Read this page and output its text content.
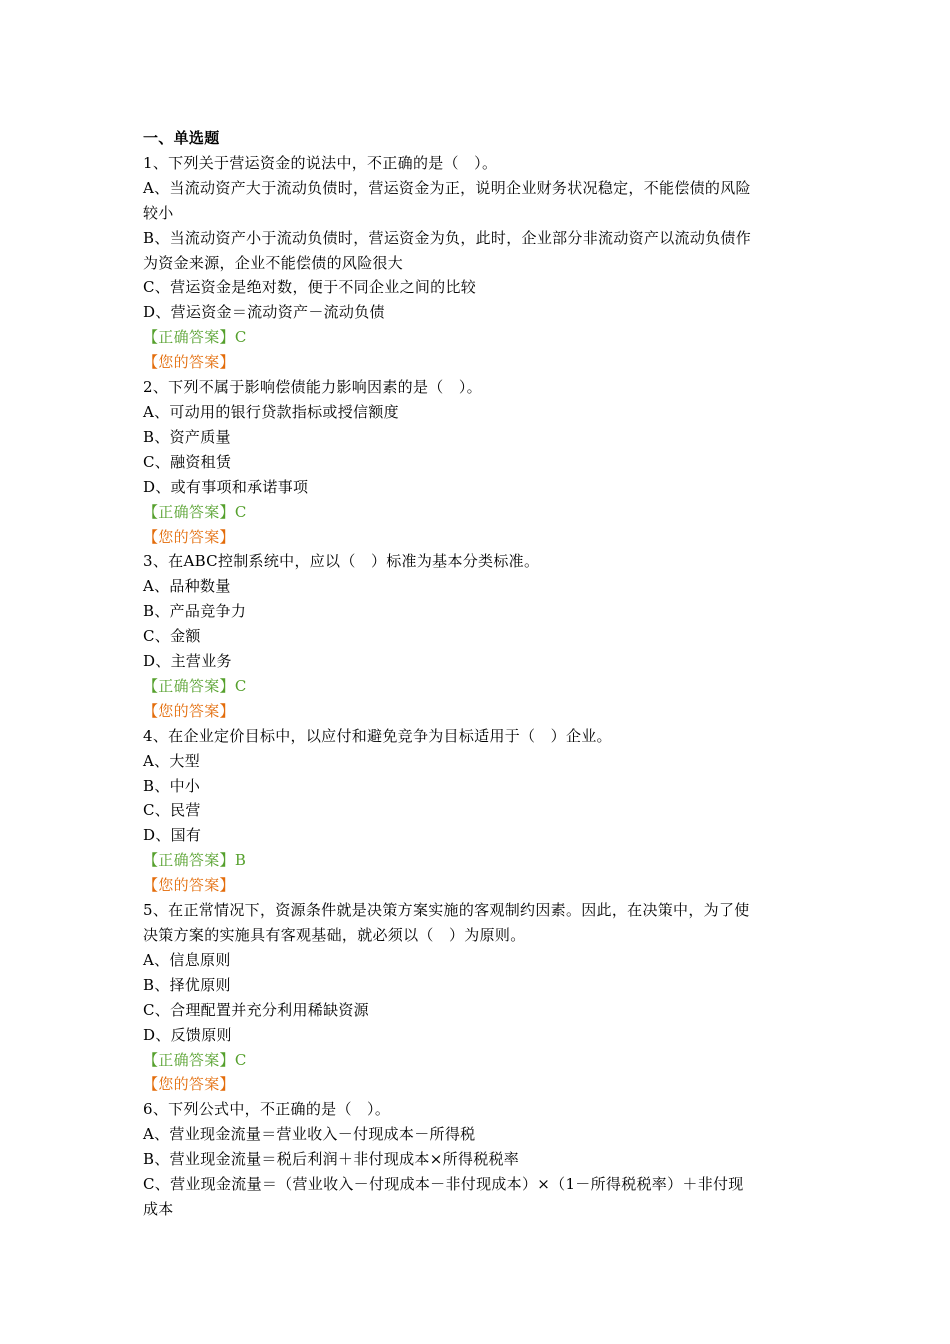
一、单选题
1、下列关于营运资金的说法中，不正确的是（　）。
A、当流动资产大于流动负债时，营运资金为正，说明企业财务状况稳定，不能偿债的风险
较小
B、当流动资产小于流动负债时，营运资金为负，此时，企业部分非流动资产以流动负债作
为资金来源，企业不能偿债的风险很大
C、营运资金是绝对数，便于不同企业之间的比较
D、营运资金＝流动资产－流动负债
【正确答案】C
【您的答案】
2、下列不属于影响偿债能力影响因素的是（　）。
A、可动用的银行贷款指标或授信额度
B、资产质量
C、融资租赁
D、或有事项和承诺事项
【正确答案】C
【您的答案】
3、在ABC控制系统中，应以（　）标准为基本分类标准。
A、品种数量
B、产品竞争力
C、金额
D、主营业务
【正确答案】C
【您的答案】
4、在企业定价目标中，以应付和避免竞争为目标适用于（　）企业。
A、大型
B、中小
C、民营
D、国有
【正确答案】B
【您的答案】
5、在正常情况下，资源条件就是决策方案实施的客观制约因素。因此，在决策中，为了使
决策方案的实施具有客观基础，就必须以（　）为原则。
A、信息原则
B、择优原则
C、合理配置并充分利用稀缺资源
D、反馈原则
【正确答案】C
【您的答案】
6、下列公式中，不正确的是（　）。
A、营业现金流量＝营业收入－付现成本－所得税
B、营业现金流量＝税后利润＋非付现成本×所得税税率
C、营业现金流量＝（营业收入－付现成本－非付现成本）×（1－所得税税率）＋非付现
成本
